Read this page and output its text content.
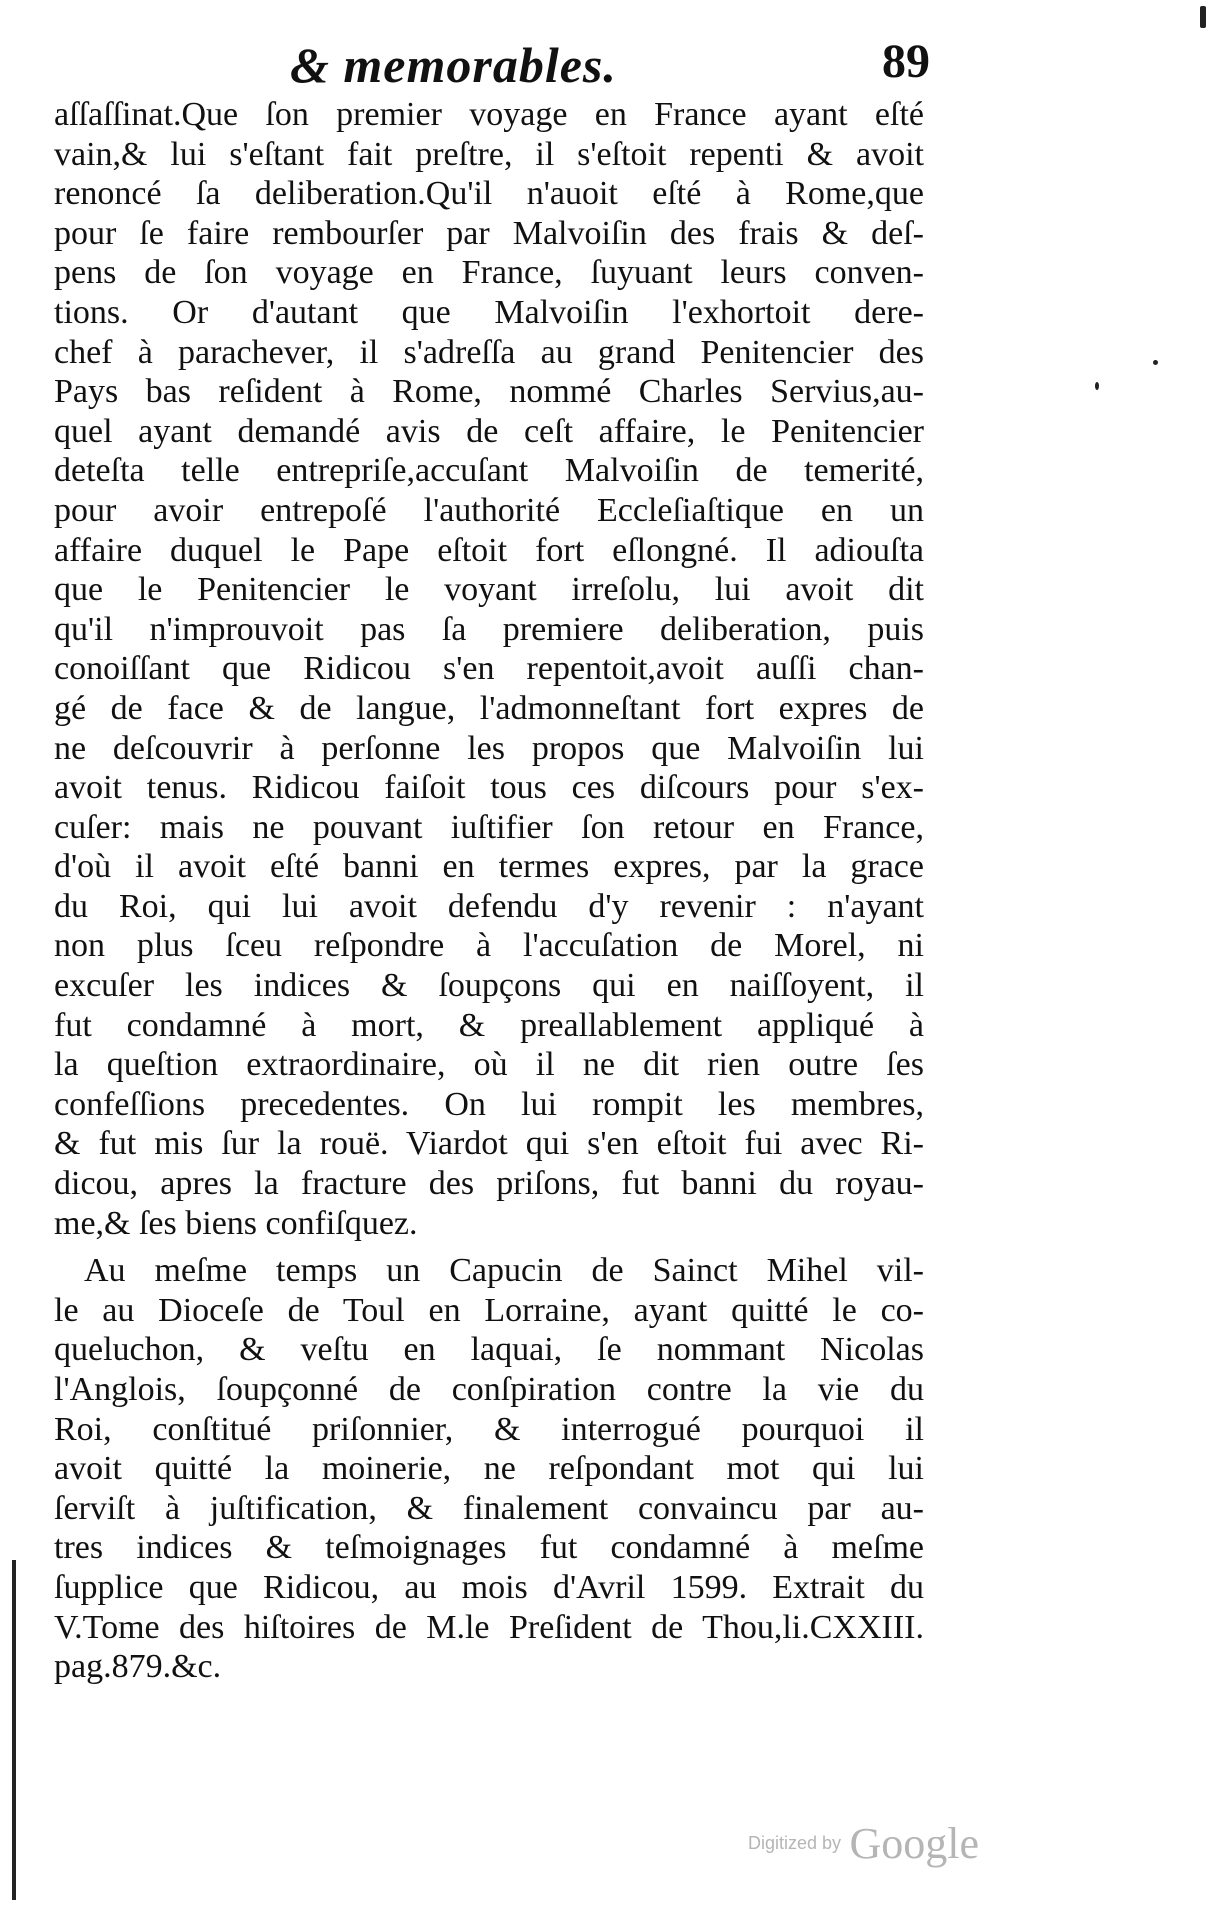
& memorables.	89
aſſaſſinat.Que ſon premier voyage en France ayant eſté
vain,& lui s'eſtant fait preſtre, il s'eſtoit repenti & avoit
renoncé ſa deliberation.Qu'il n'auoit eſté à Rome,que
pour ſe faire rembourſer par Malvoiſin des frais & deſ-
pens de ſon voyage en France, ſuyuant leurs conven-
tions. Or d'autant que Malvoiſin l'exhortoit dere-
chef à parachever, il s'adreſſa au grand Penitencier des
Pays bas reſident à Rome, nommé Charles Servius,au-
quel ayant demandé avis de ceſt affaire, le Penitencier
deteſta telle entrepriſe,accuſant Malvoiſin de temerité,
pour avoir entrepoſé l'authorité Eccleſiaſtique en un
affaire duquel le Pape eſtoit fort eſlongné. Il adiouſta
que le Penitencier le voyant irreſolu, lui avoit dit
qu'il n'improuvoit pas ſa premiere deliberation, puis
conoiſſant que Ridicou s'en repentoit,avoit auſſi chan-
gé de face & de langue, l'admonneſtant fort expres de
ne deſcouvrir à perſonne les propos que Malvoiſin lui
avoit tenus. Ridicou faiſoit tous ces diſcours pour s'ex-
cuſer: mais ne pouvant iuſtifier ſon retour en France,
d'où il avoit eſté banni en termes expres, par la grace
du Roi, qui lui avoit defendu d'y revenir : n'ayant
non plus ſceu reſpondre à l'accuſation de Morel, ni
excuſer les indices & ſoupçons qui en naiſſoyent, il
fut condamné à mort, & preallablement appliqué à
la queſtion extraordinaire, où il ne dit rien outre ſes
confeſſions precedentes. On lui rompit les membres,
& fut mis ſur la rouë. Viardot qui s'en eſtoit fui avec Ri-
dicou, apres la fracture des priſons, fut banni du royau-
me,& ſes biens confiſquez.
Au meſme temps un Capucin de Sainct Mihel vil-
le au Dioceſe de Toul en Lorraine, ayant quitté le co-
queluchon, & veſtu en laquai, ſe nommant Nicolas
l'Anglois, ſoupçonné de conſpiration contre la vie du
Roi, conſtitué priſonnier, & interrogué pourquoi il
avoit quitté la moinerie, ne reſpondant mot qui lui
ſerviſt à juſtification, & finalement convaincu par au-
tres indices & teſmoignages fut condamné à meſme
ſupplice que Ridicou, au mois d'Avril 1599. Extrait du
V.Tome des hiſtoires de M.le Preſident de Thou,li.CXXIII.
pag.879.&c.
Digitized by Google
